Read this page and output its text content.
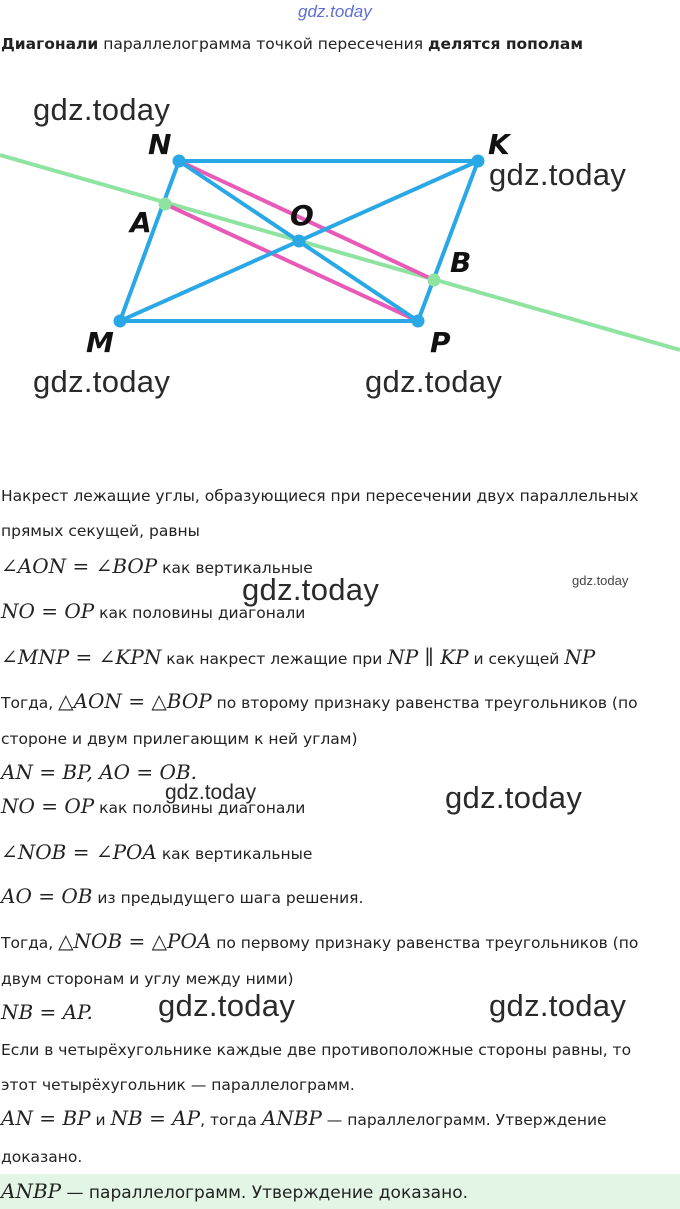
gdz.today
Диагонали параллелограмма точкой пересечения делятся пополам
N	K
A	O
B
M	P
gdz.today
gdz.today
gdz.today	gdz.today
Накрест лежащие углы, образующиеся при пересечении двух параллельных
прямых секущей, равны
∠AON = ∠BOP как вертикальные
gdz.today	gdz.today
NO = OP как половины диагонали
∠MNP = ∠KPN как накрест лежащие при NP ∥ KP и секущей NP
Тогда, △AON = △BOP по второму признаку равенства треугольников (по
стороне и двум прилегающим к ней углам)
AN = BP, AO = OB.
gdz.today	gdz.today
NO = OP как половины диагонали
∠NOB = ∠POA как вертикальные
AO = OB из предыдущего шага решения.
Тогда, △NOB = △POA по первому признаку равенства треугольников (по
двум сторонам и углу между ними)
NB = AP. gdz.today	gdz.today
Если в четырёхугольнике каждые две противоположные стороны равны, то
этот четырёхугольник — параллелограмм.
AN = BP и NB = AP, тогда ANBP — параллелограмм. Утверждение
доказано.
ANBP — параллелограмм. Утверждение доказано.
